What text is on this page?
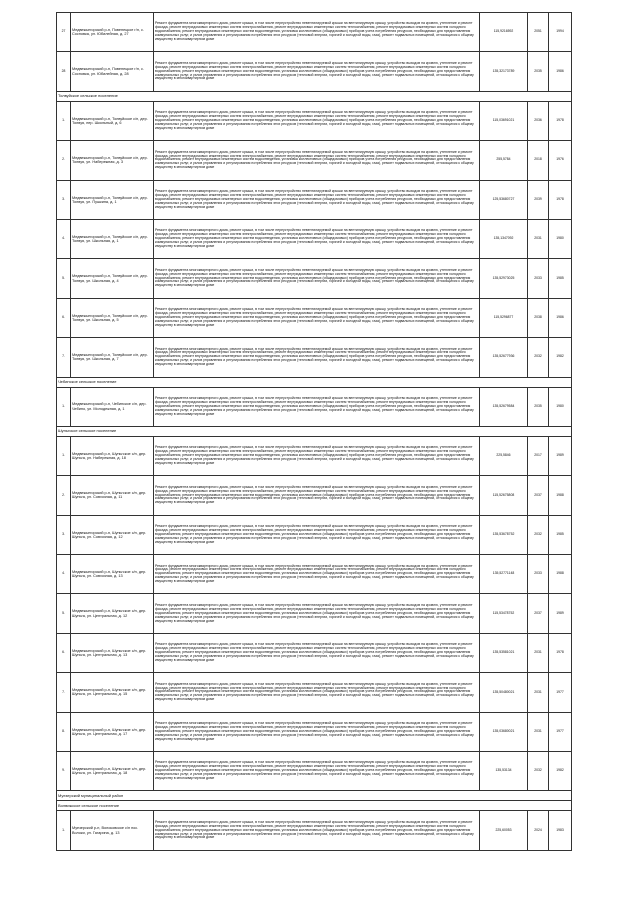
27	Медвежьегорский р-н, Повенецкое г/п, с. Сосновка, ул. Юбилейная, д. 27	Ремонт фундамента многоквартирного дома, ремонт крыши, в том числе переустройство невентилируемой крыши на вентилируемую крышу, устройство выходов на кровлю, утепление и ремонт фасада, ремонт внутридомовых инженерных систем электроснабжения, ремонт внутридомовых инженерных систем теплоснабжения, ремонт внутридомовых инженерных систем холодного водоснабжения, ремонт внутридомовых инженерных систем водоотведения, установка коллективных (общедомовых) приборов учета потребления ресурсов, необходимых для предоставления коммунальных услуг, и узлов управления и регулирования потребления этих ресурсов (тепловой энергии, горячей и холодной воды, газа), ремонт подвальных помещений, относящихся к общему имуществу в многоквартирном доме	115,9216592	2051	1994
28	Медвежьегорский р-н, Повенецкое г/п, с. Сосновка, ул. Юбилейная, д. 28	Ремонт фундамента многоквартирного дома, ремонт крыши, в том числе переустройство невентилируемой крыши на вентилируемую крышу, устройство выходов на кровлю, утепление и ремонт фасада, ремонт внутридомовых инженерных систем электроснабжения, ремонт внутридомовых инженерных систем теплоснабжения, ремонт внутридомовых инженерных систем холодного водоснабжения, ремонт внутридомовых инженерных систем водоотведения, установка коллективных (общедомовых) приборов учета потребления ресурсов, необходимых для предоставления коммунальных услуг, и узлов управления и регулирования потребления этих ресурсов (тепловой энергии, горячей и холодной воды, газа), ремонт подвальных помещений, относящихся к общему имуществу в многоквартирном доме	135,32173789	2035	1986
Толвуйское сельское поселение					
1.	Медвежьегорский р-н, Толвуйское с/п, дер. Толвуя, пер. Школьный, д. 6	Ремонт фундамента многоквартирного дома, ремонт крыши, в том числе переустройство невентилируемой крыши на вентилируемую крышу, устройство выходов на кровлю, утепление и ремонт фасада, ремонт внутридомовых инженерных систем электроснабжения, ремонт внутридомовых инженерных систем теплоснабжения, ремонт внутридомовых инженерных систем холодного водоснабжения, ремонт внутридомовых инженерных систем водоотведения, установка коллективных (общедомовых) приборов учета потребления ресурсов, необходимых для предоставления коммунальных услуг, и узлов управления и регулирования потребления этих ресурсов (тепловой энергии, горячей и холодной воды, газа), ремонт подвальных помещений, относящихся к общему имуществу в многоквартирном доме	115,03691021	2036	1978
2.	Медвежьегорский р-н, Толвуйское с/п, дер. Толвуя, ул. Набережная, д. 3	Ремонт фундамента многоквартирного дома, ремонт крыши, в том числе переустройство невентилируемой крыши на вентилируемую крышу, устройство выходов на кровлю, утепление и ремонт фасада, ремонт внутридомовых инженерных систем электроснабжения, ремонт внутридомовых инженерных систем теплоснабжения, ремонт внутридомовых инженерных систем холодного водоснабжения, ремонт внутридомовых инженерных систем водоотведения, установка коллективных (общедомовых) приборов учета потребления ресурсов, необходимых для предоставления коммунальных услуг, и узлов управления и регулирования потребления этих ресурсов (тепловой энергии, горячей и холодной воды, газа), ремонт подвальных помещений, относящихся к общему имуществу в многоквартирном доме	255,5784	2018	1976
3.	Медвежьегорский р-н, Толвуйское с/п, дер. Толвуя, ул. Пушкина, д. 1	Ремонт фундамента многоквартирного дома, ремонт крыши, в том числе переустройство невентилируемой крыши на вентилируемую крышу, устройство выходов на кровлю, утепление и ремонт фасада, ремонт внутридомовых инженерных систем электроснабжения, ремонт внутридомовых инженерных систем теплоснабжения, ремонт внутридомовых инженерных систем холодного водоснабжения, ремонт внутридомовых инженерных систем водоотведения, установка коллективных (общедомовых) приборов учета потребления ресурсов, необходимых для предоставления коммунальных услуг, и узлов управления и регулирования потребления этих ресурсов (тепловой энергии, горячей и холодной воды, газа), ремонт подвальных помещений, относящихся к общему имуществу в многоквартирном доме	125,53680727	2039	1978
4.	Медвежьегорский р-н, Толвуйское с/п, дер. Толвуя, ул. Школьная, д. 1	Ремонт фундамента многоквартирного дома, ремонт крыши, в том числе переустройство невентилируемой крыши на вентилируемую крышу, устройство выходов на кровлю, утепление и ремонт фасада, ремонт внутридомовых инженерных систем электроснабжения, ремонт внутридомовых инженерных систем теплоснабжения, ремонт внутридомовых инженерных систем холодного водоснабжения, ремонт внутридомовых инженерных систем водоотведения, установка коллективных (общедомовых) приборов учета потребления ресурсов, необходимых для предоставления коммунальных услуг, и узлов управления и регулирования потребления этих ресурсов (тепловой энергии, горячей и холодной воды, газа), ремонт подвальных помещений, относящихся к общему имуществу в многоквартирном доме	135,1347092	2031	1980
5.	Медвежьегорский р-н, Толвуйское с/п, дер. Толвуя, ул. Школьная, д. 4	Ремонт фундамента многоквартирного дома, ремонт крыши, в том числе переустройство невентилируемой крыши на вентилируемую крышу, устройство выходов на кровлю, утепление и ремонт фасада, ремонт внутридомовых инженерных систем электроснабжения, ремонт внутридомовых инженерных систем теплоснабжения, ремонт внутридомовых инженерных систем холодного водоснабжения, ремонт внутридомовых инженерных систем водоотведения, установка коллективных (общедомовых) приборов учета потребления ресурсов, необходимых для предоставления коммунальных услуг, и узлов управления и регулирования потребления этих ресурсов (тепловой энергии, горячей и холодной воды, газа), ремонт подвальных помещений, относящихся к общему имуществу в многоквартирном доме	135,52973025	2033	1985
6.	Медвежьегорский р-н, Толвуйское с/п, дер. Толвуя, ул. Школьная, д. 5	Ремонт фундамента многоквартирного дома, ремонт крыши, в том числе переустройство невентилируемой крыши на вентилируемую крышу, устройство выходов на кровлю, утепление и ремонт фасада, ремонт внутридомовых инженерных систем электроснабжения, ремонт внутридомовых инженерных систем теплоснабжения, ремонт внутридомовых инженерных систем холодного водоснабжения, ремонт внутридомовых инженерных систем водоотведения, установка коллективных (общедомовых) приборов учета потребления ресурсов, необходимых для предоставления коммунальных услуг, и узлов управления и регулирования потребления этих ресурсов (тепловой энергии, горячей и холодной воды, газа), ремонт подвальных помещений, относящихся к общему имуществу в многоквартирном доме	115,5296877	2038	1986
7.	Медвежьегорский р-н, Толвуйское с/п, дер. Толвуя, ул. Школьная, д. 7	Ремонт фундамента многоквартирного дома, ремонт крыши, в том числе переустройство невентилируемой крыши на вентилируемую крышу, устройство выходов на кровлю, утепление и ремонт фасада, ремонт внутридомовых инженерных систем электроснабжения, ремонт внутридомовых инженерных систем теплоснабжения, ремонт внутридомовых инженерных систем холодного водоснабжения, ремонт внутридомовых инженерных систем водоотведения, установка коллективных (общедомовых) приборов учета потребления ресурсов, необходимых для предоставления коммунальных услуг, и узлов управления и регулирования потребления этих ресурсов (тепловой энергии, горячей и холодной воды, газа), ремонт подвальных помещений, относящихся к общему имуществу в многоквартирном доме	135,52677936	2032	1982
Чебинское сельское поселение					
1.	Медвежьегорский р-н, Чебинское с/п, дер. Чебино, ул. Молодежная, д. 1	Ремонт фундамента многоквартирного дома, ремонт крыши, в том числе переустройство невентилируемой крыши на вентилируемую крышу, устройство выходов на кровлю, утепление и ремонт фасада, ремонт внутридомовых инженерных систем электроснабжения, ремонт внутридомовых инженерных систем теплоснабжения, ремонт внутридомовых инженерных систем холодного водоснабжения, ремонт внутридомовых инженерных систем водоотведения, установка коллективных (общедомовых) приборов учета потребления ресурсов, необходимых для предоставления коммунальных услуг, и узлов управления и регулирования потребления этих ресурсов (тепловой энергии, горячей и холодной воды, газа), ремонт подвальных помещений, относящихся к общему имуществу в многоквартирном доме	135,52679584	2035	1980
Шуньгское сельское поселение					
1.	Медвежьегорский р-н, Шуньгское с/п, дер. Шуньга, ул. Набережная, д. 18	Ремонт фундамента многоквартирного дома, ремонт крыши, в том числе переустройство невентилируемой крыши на вентилируемую крышу, устройство выходов на кровлю, утепление и ремонт фасада, ремонт внутридомовых инженерных систем электроснабжения, ремонт внутридомовых инженерных систем теплоснабжения, ремонт внутридомовых инженерных систем холодного водоснабжения, ремонт внутридомовых инженерных систем водоотведения, установка коллективных (общедомовых) приборов учета потребления ресурсов, необходимых для предоставления коммунальных услуг, и узлов управления и регулирования потребления этих ресурсов (тепловой энергии, горячей и холодной воды, газа), ремонт подвальных помещений, относящихся к общему имуществу в многоквартирном доме	225,5846	2017	1989
2.	Медвежьегорский р-н, Шуньгское с/п, дер. Шуньга, ул. Совхозная, д. 11	Ремонт фундамента многоквартирного дома, ремонт крыши, в том числе переустройство невентилируемой крыши на вентилируемую крышу, устройство выходов на кровлю, утепление и ремонт фасада, ремонт внутридомовых инженерных систем электроснабжения, ремонт внутридомовых инженерных систем теплоснабжения, ремонт внутридомовых инженерных систем холодного водоснабжения, ремонт внутридомовых инженерных систем водоотведения, установка коллективных (общедомовых) приборов учета потребления ресурсов, необходимых для предоставления коммунальных услуг, и узлов управления и регулирования потребления этих ресурсов (тепловой энергии, горячей и холодной воды, газа), ремонт подвальных помещений, относящихся к общему имуществу в многоквартирном доме	115,52675808	2037	1988
3.	Медвежьегорский р-н, Шуньгское с/п, дер. Шуньга, ул. Совхозная, д. 12	Ремонт фундамента многоквартирного дома, ремонт крыши, в том числе переустройство невентилируемой крыши на вентилируемую крышу, устройство выходов на кровлю, утепление и ремонт фасада, ремонт внутридомовых инженерных систем электроснабжения, ремонт внутридомовых инженерных систем теплоснабжения, ремонт внутридомовых инженерных систем холодного водоснабжения, ремонт внутридомовых инженерных систем водоотведения, установка коллективных (общедомовых) приборов учета потребления ресурсов, необходимых для предоставления коммунальных услуг, и узлов управления и регулирования потребления этих ресурсов (тепловой энергии, горячей и холодной воды, газа), ремонт подвальных помещений, относящихся к общему имуществу в многоквартирном доме	135,53678752	2032	1985
4.	Медвежьегорский р-н, Шуньгское с/п, дер. Шуньга, ул. Совхозная, д. 13	Ремонт фундамента многоквартирного дома, ремонт крыши, в том числе переустройство невентилируемой крыши на вентилируемую крышу, устройство выходов на кровлю, утепление и ремонт фасада, ремонт внутридомовых инженерных систем электроснабжения, ремонт внутридомовых инженерных систем теплоснабжения, ремонт внутридомовых инженерных систем холодного водоснабжения, ремонт внутридомовых инженерных систем водоотведения, установка коллективных (общедомовых) приборов учета потребления ресурсов, необходимых для предоставления коммунальных услуг, и узлов управления и регулирования потребления этих ресурсов (тепловой энергии, горячей и холодной воды, газа), ремонт подвальных помещений, относящихся к общему имуществу в многоквартирном доме	135,52771148	2033	1988
5.	Медвежьегорский р-н, Шуньгское с/п, дер. Шуньга, ул. Центральная, д. 12	Ремонт фундамента многоквартирного дома, ремонт крыши, в том числе переустройство невентилируемой крыши на вентилируемую крышу, устройство выходов на кровлю, утепление и ремонт фасада, ремонт внутридомовых инженерных систем электроснабжения, ремонт внутридомовых инженерных систем теплоснабжения, ремонт внутридомовых инженерных систем холодного водоснабжения, ремонт внутридомовых инженерных систем водоотведения, установка коллективных (общедомовых) приборов учета потребления ресурсов, необходимых для предоставления коммунальных услуг, и узлов управления и регулирования потребления этих ресурсов (тепловой энергии, горячей и холодной воды, газа), ремонт подвальных помещений, относящихся к общему имуществу в многоквартирном доме	115,53478752	2037	1989
6.	Медвежьегорский р-н, Шуньгское с/п, дер. Шуньга, ул. Центральная, д. 13	Ремонт фундамента многоквартирного дома, ремонт крыши, в том числе переустройство невентилируемой крыши на вентилируемую крышу, устройство выходов на кровлю, утепление и ремонт фасада, ремонт внутридомовых инженерных систем электроснабжения, ремонт внутридомовых инженерных систем теплоснабжения, ремонт внутридомовых инженерных систем холодного водоснабжения, ремонт внутридомовых инженерных систем водоотведения, установка коллективных (общедомовых) приборов учета потребления ресурсов, необходимых для предоставления коммунальных услуг, и узлов управления и регулирования потребления этих ресурсов (тепловой энергии, горячей и холодной воды, газа), ремонт подвальных помещений, относящихся к общему имуществу в многоквартирном доме	135,53581021	2031	1978
7.	Медвежьегорский р-н, Шуньгское с/п, дер. Шуньга, ул. Центральная, д. 15	Ремонт фундамента многоквартирного дома, ремонт крыши, в том числе переустройство невентилируемой крыши на вентилируемую крышу, устройство выходов на кровлю, утепление и ремонт фасада, ремонт внутридомовых инженерных систем электроснабжения, ремонт внутридомовых инженерных систем теплоснабжения, ремонт внутридомовых инженерных систем холодного водоснабжения, ремонт внутридомовых инженерных систем водоотведения, установка коллективных (общедомовых) приборов учета потребления ресурсов, необходимых для предоставления коммунальных услуг, и узлов управления и регулирования потребления этих ресурсов (тепловой энергии, горячей и холодной воды, газа), ремонт подвальных помещений, относящихся к общему имуществу в многоквартирном доме	135,50480021	2031	1977
8.	Медвежьегорский р-н, Шуньгское с/п, дер. Шуньга, ул. Центральная, д. 17	Ремонт фундамента многоквартирного дома, ремонт крыши, в том числе переустройство невентилируемой крыши на вентилируемую крышу, устройство выходов на кровлю, утепление и ремонт фасада, ремонт внутридомовых инженерных систем электроснабжения, ремонт внутридомовых инженерных систем теплоснабжения, ремонт внутридомовых инженерных систем холодного водоснабжения, ремонт внутридомовых инженерных систем водоотведения, установка коллективных (общедомовых) приборов учета потребления ресурсов, необходимых для предоставления коммунальных услуг, и узлов управления и регулирования потребления этих ресурсов (тепловой энергии, горячей и холодной воды, газа), ремонт подвальных помещений, относящихся к общему имуществу в многоквартирном доме	135,03680021	2031	1977
9.	Медвежьегорский р-н, Шуньгское с/п, дер. Шуньга, ул. Центральная, д. 18	Ремонт фундамента многоквартирного дома, ремонт крыши, в том числе переустройство невентилируемой крыши на вентилируемую крышу, устройство выходов на кровлю, утепление и ремонт фасада, ремонт внутридомовых инженерных систем электроснабжения, ремонт внутридомовых инженерных систем теплоснабжения, ремонт внутридомовых инженерных систем холодного водоснабжения, ремонт внутридомовых инженерных систем водоотведения, установка коллективных (общедомовых) приборов учета потребления ресурсов, необходимых для предоставления коммунальных услуг, и узлов управления и регулирования потребления этих ресурсов (тепловой энергии, горячей и холодной воды, газа), ремонт подвальных помещений, относящихся к общему имуществу в многоквартирном доме	135,53134	2032	1982
Муезерский муниципальный район					
Волвижское сельское поселение					
1.	Муезерский р-н, Волоковское с/п пос. Волоки, ул. Гагарина, д. 13	Ремонт фундамента многоквартирного дома, ремонт крыши, в том числе переустройство невентилируемой крыши на вентилируемую крышу, устройство выходов на кровлю, утепление и ремонт фасада, ремонт внутридомовых инженерных систем электроснабжения, ремонт внутридомовых инженерных систем теплоснабжения, ремонт внутридомовых инженерных систем холодного водоснабжения, ремонт внутридомовых инженерных систем водоотведения, установка коллективных (общедомовых) приборов учета потребления ресурсов, необходимых для предоставления коммунальных услуг, и узлов управления и регулирования потребления этих ресурсов (тепловой энергии, горячей и холодной воды, газа), ремонт подвальных помещений, относящихся к общему имуществу в многоквартирном доме	225,60053	2024	1983
